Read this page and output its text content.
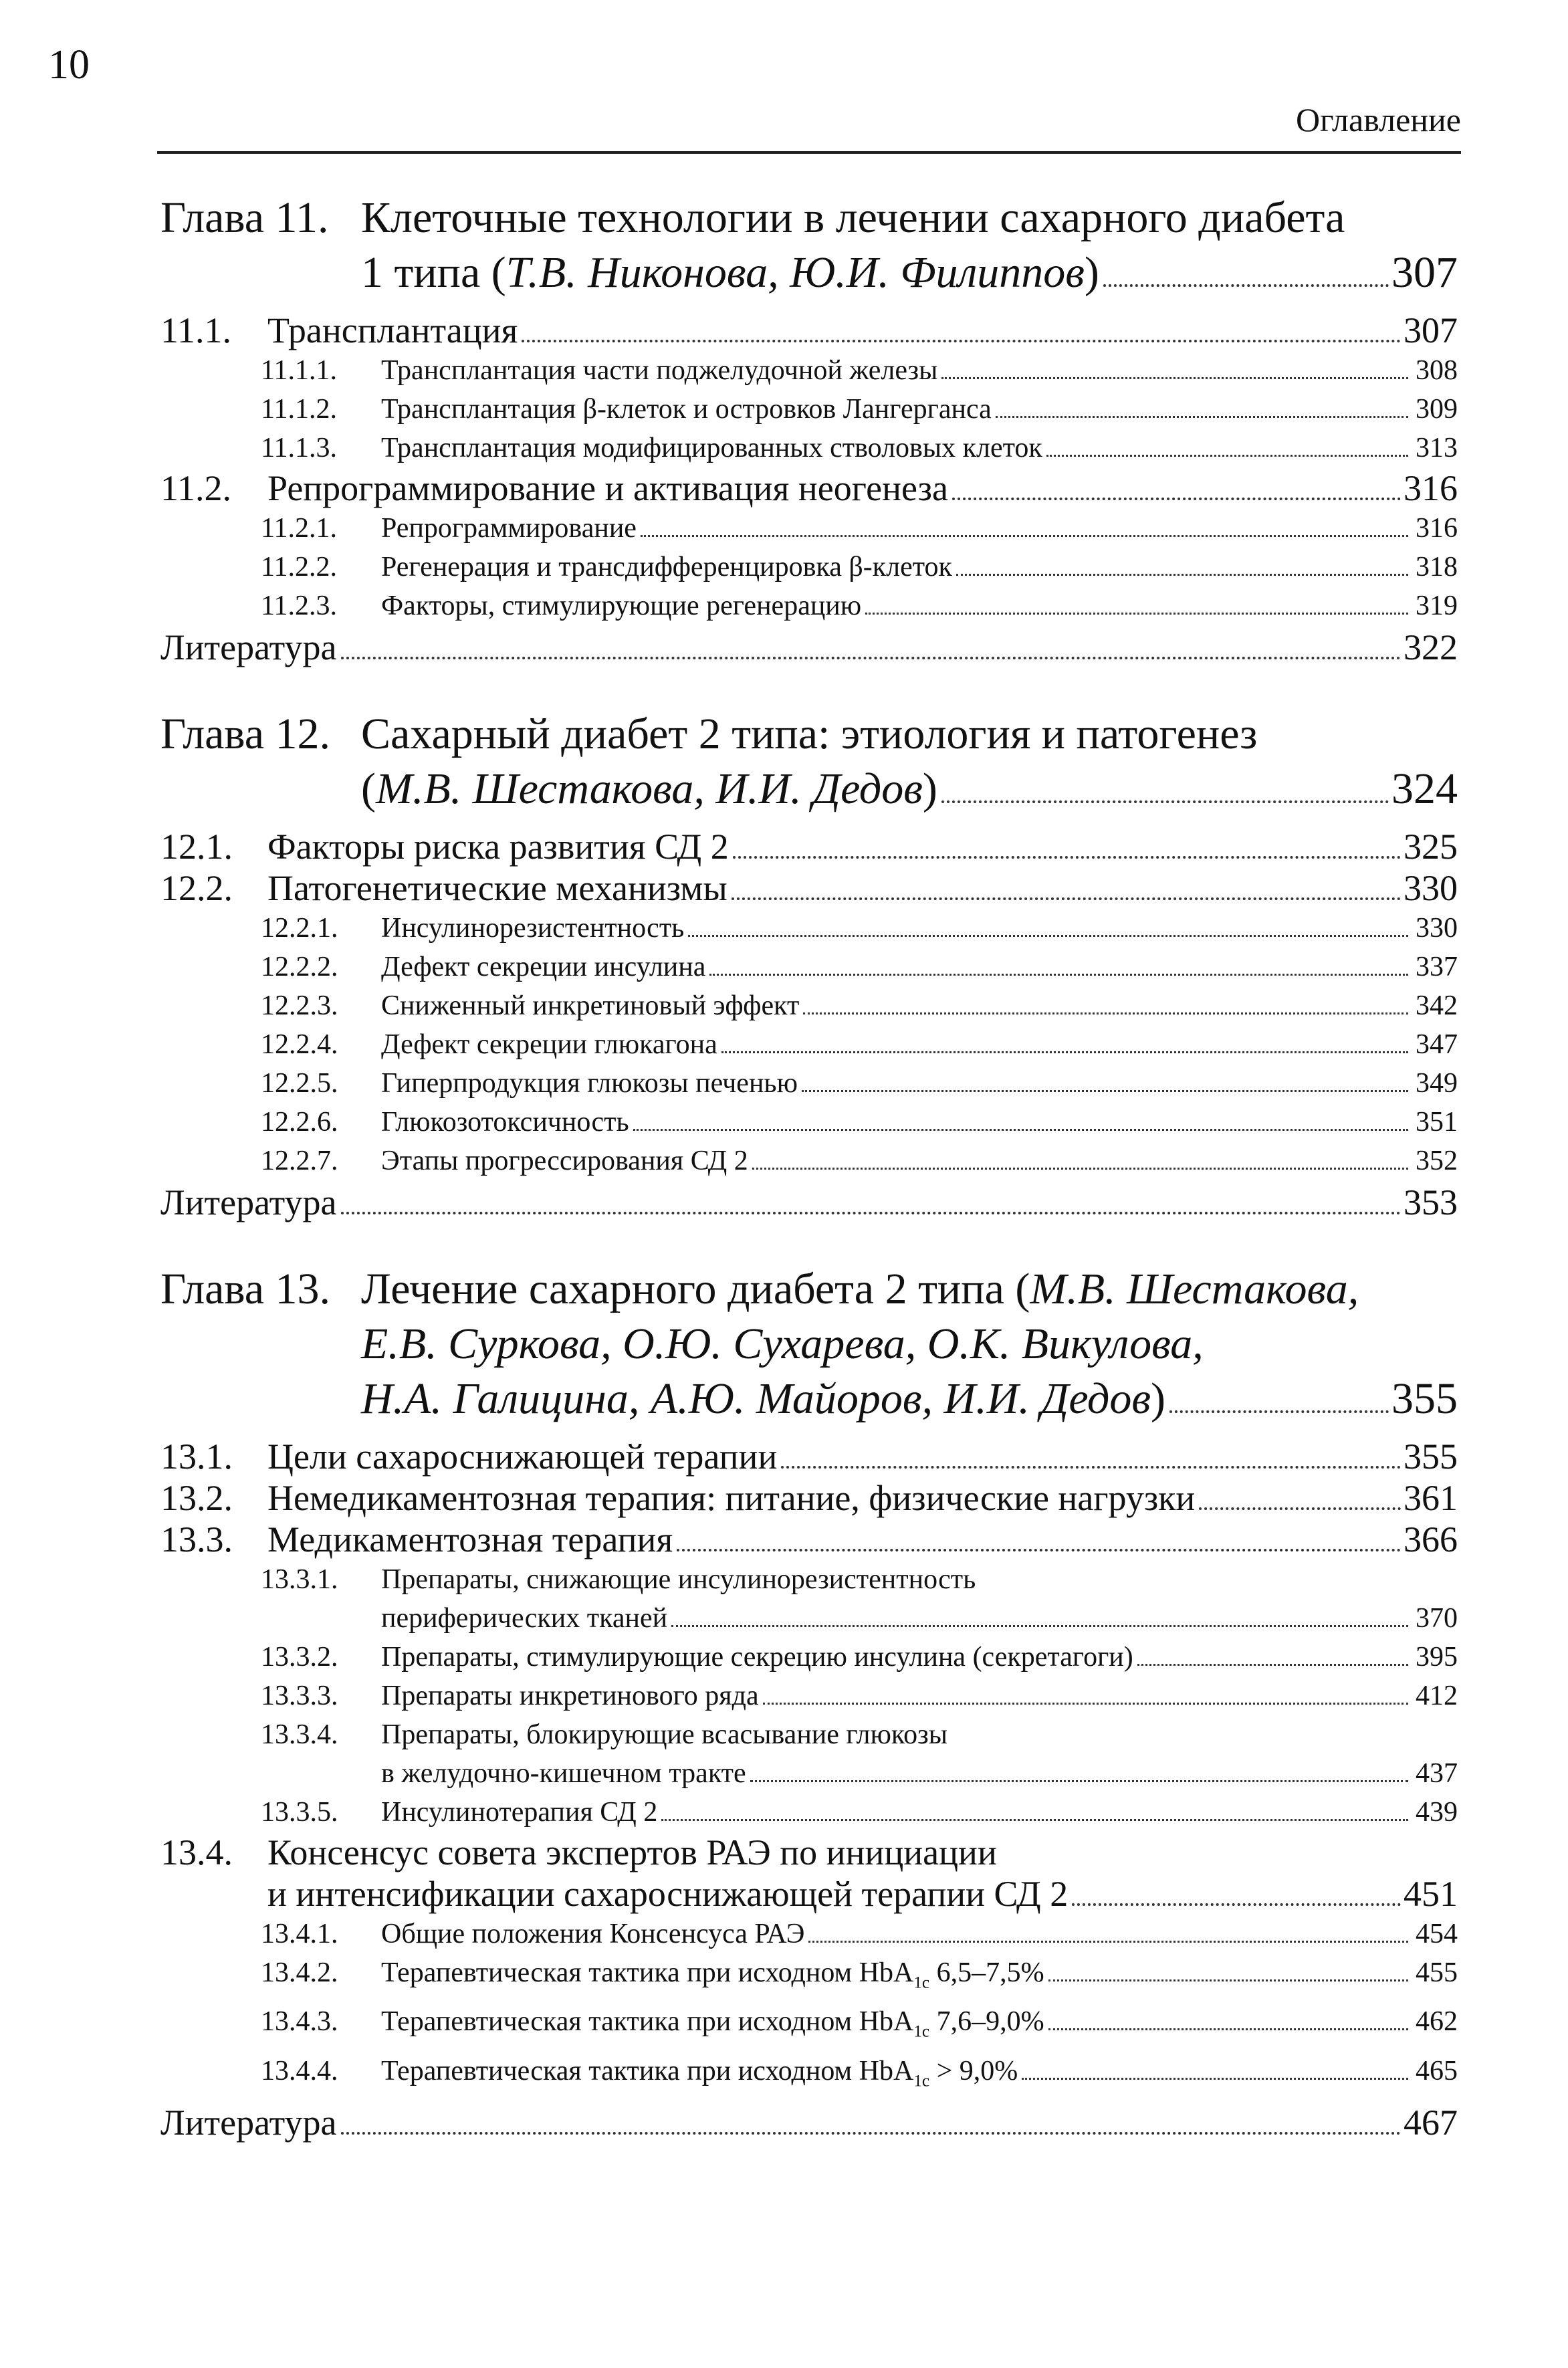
10
Оглавление
Глава 11. Клеточные технологии в лечении сахарного диабета
1 типа (Т.В. Никонова, Ю.И. Филиппов)	307
11.1.	Трансплантация	307
11.1.1.	Трансплантация части поджелудочной железы	308
11.1.2.	Трансплантация β-клеток и островков Лангерганса	309
11.1.3.	Трансплантация модифицированных стволовых клеток	313
11.2.	Репрограммирование и активация неогенеза	316
11.2.1.	Репрограммирование	316
11.2.2.	Регенерация и трансдифференцировка β-клеток	318
11.2.3.	Факторы, стимулирующие регенерацию	319
Литература	322
Глава 12. Сахарный диабет 2 типа: этиология и патогенез
(М.В. Шестакова, И.И. Дедов)	324
12.1. Факторы риска развития СД 2	325
12.2. Патогенетические механизмы	330
12.2.1.	Инсулинорезистентность	330
12.2.2.	Дефект секреции инсулина	337
12.2.3.	Сниженный инкретиновый эффект	342
12.2.4.	Дефект секреции глюкагона	347
12.2.5.	Гиперпродукция глюкозы печенью	349
12.2.6.	Глюкозотоксичность	351
12.2.7.	Этапы прогрессирования СД 2	352
Литература	353
Глава 13. Лечение сахарного диабета 2 типа (М.В. Шестакова,
Е.В. Суркова, О.Ю. Сухарева, О.К. Викулова,
Н.А. Галицина, А.Ю. Майоров, И.И. Дедов)	355
13.1. Цели сахароснижающей терапии	355
13.2. Немедикаментозная терапия: питание, физические нагрузки	361
13.3. Медикаментозная терапия	366
13.3.1.	Препараты, снижающие инсулинорезистентность
периферических тканей	370
13.3.2.	Препараты, стимулирующие секрецию инсулина (секретагоги)	395
13.3.3.	Препараты инкретинового ряда	412
13.3.4.	Препараты, блокирующие всасывание глюкозы
в желудочно-кишечном тракте	437
13.3.5.	Инсулинотерапия СД 2	439
13.4. Консенсус совета экспертов РАЭ по инициации
и интенсификации сахароснижающей терапии СД 2	451
13.4.1.	Общие положения Консенсуса РАЭ	454
13.4.2.	Терапевтическая тактика при исходном HbA$_{1c}$ 6,5–7,5%	455
13.4.3.	Терапевтическая тактика при исходном HbA$_{1c}$ 7,6–9,0%	462
13.4.4.	Терапевтическая тактика при исходном HbA$_{1c}$ > 9,0%	465
Литература	467
